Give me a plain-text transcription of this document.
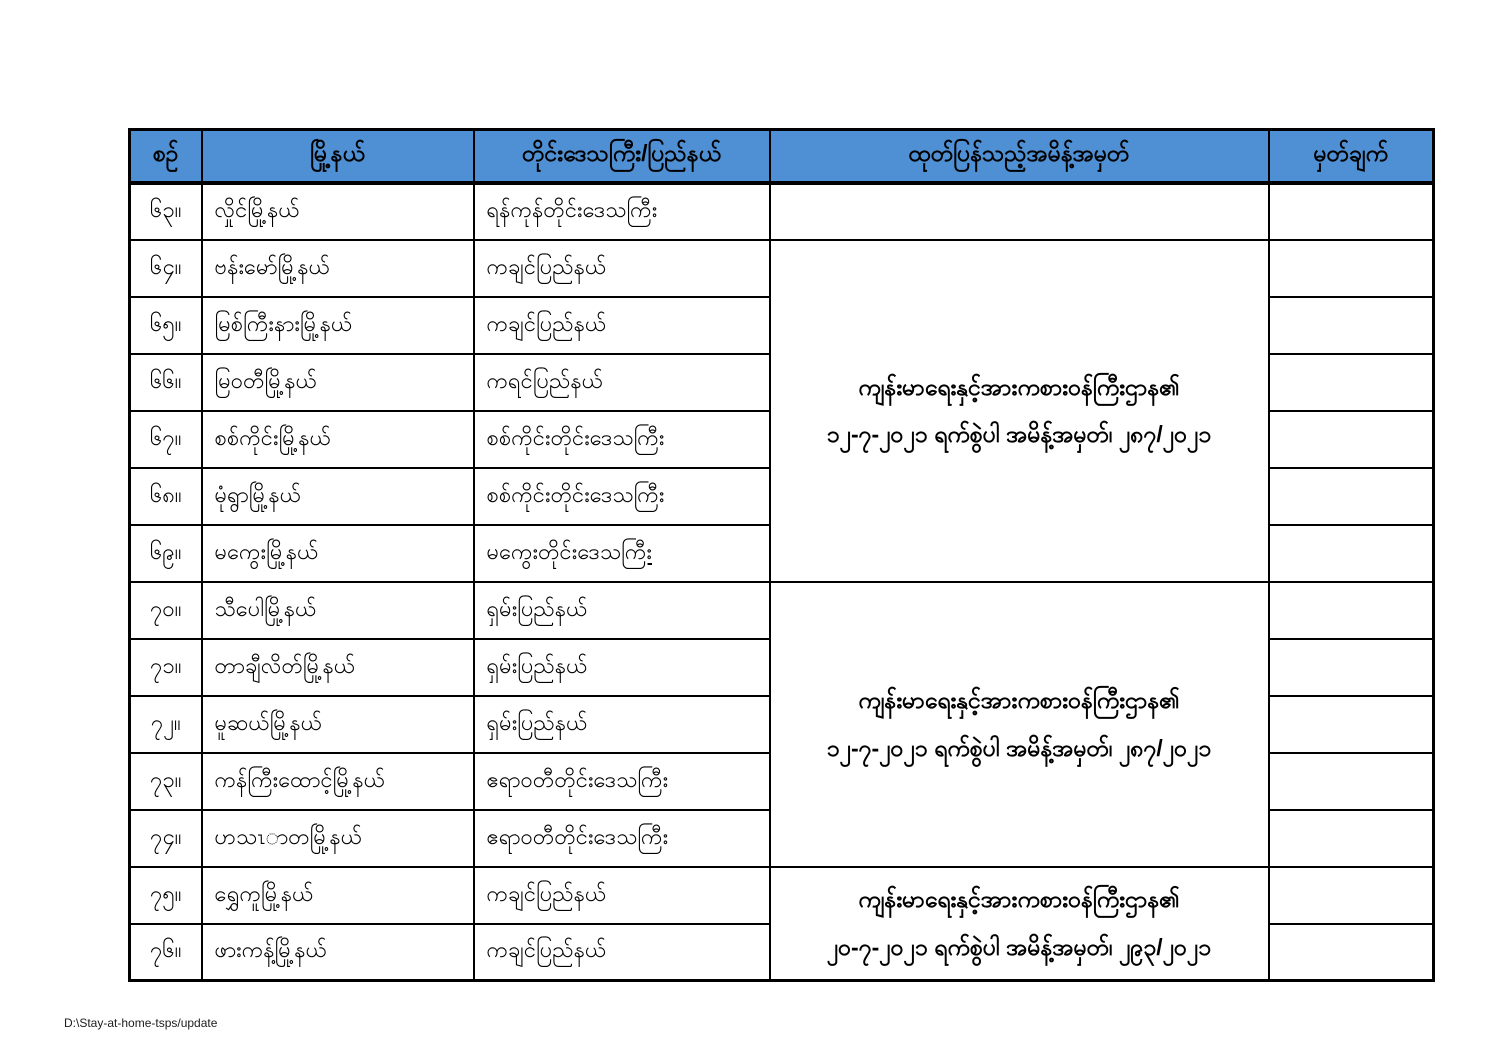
စဉ်	မြို့နယ်	တိုင်းဒေသကြီး/ပြည်နယ်	ထုတ်ပြန်သည့်အမိန့်အမှတ်	မှတ်ချက်
၆၃။	လှိုင်မြို့နယ်	ရန်ကုန်တိုင်းဒေသကြီး		
၆၄။	ဗန်းမော်မြို့နယ်	ကချင်ပြည်နယ်	ကျန်းမာရေးနှင့်အားကစားဝန်ကြီးဌာန၏

၁၂-၇-၂၀၂၁ ရက်စွဲပါ အမိန့်အမှတ်၊ ၂၈၇/၂၀၂၁	

၆၅။	မြစ်ကြီးနားမြို့နယ်	ကချင်ပြည်နယ်		
၆၆။	မြဝတီမြို့နယ်	ကရင်ပြည်နယ်		
၆၇။	စစ်ကိုင်းမြို့နယ်	စစ်ကိုင်းတိုင်းဒေသကြီး		
၆၈။	မုံရွာမြို့နယ်	စစ်ကိုင်းတိုင်းဒေသကြီး		
၆၉။	မကွေးမြို့နယ်	မကွေးတိုင်းဒေသကြီး		
၇၀။	သီပေါမြို့နယ်	ရှမ်းပြည်နယ်	ကျန်းမာရေးနှင့်အားကစားဝန်ကြီးဌာန၏

၁၂-၇-၂၀၂၁ ရက်စွဲပါ အမိန့်အမှတ်၊ ၂၈၇/၂၀၂၁	

၇၁။	တာချီလိတ်မြို့နယ်	ရှမ်းပြည်နယ်		
၇၂။	မူဆယ်မြို့နယ်	ရှမ်းပြည်နယ်		
၇၃။	ကန်ကြီးထောင့်မြို့နယ်	ဧရာဝတီတိုင်းဒေသကြီး		
၇၄။	ဟသၤာတမြို့နယ်	ဧရာဝတီတိုင်းဒေသကြီး		
၇၅။	ရွှေကူမြို့နယ်	ကချင်ပြည်နယ်	ကျန်းမာရေးနှင့်အားကစားဝန်ကြီးဌာန၏

၂၀-၇-၂၀၂၁ ရက်စွဲပါ အမိန့်အမှတ်၊ ၂၉၃/၂၀၂၁	

၇၆။	ဖားကန့်မြို့နယ်	ကချင်ပြည်နယ်		
D:\Stay-at-home-tsps/update
